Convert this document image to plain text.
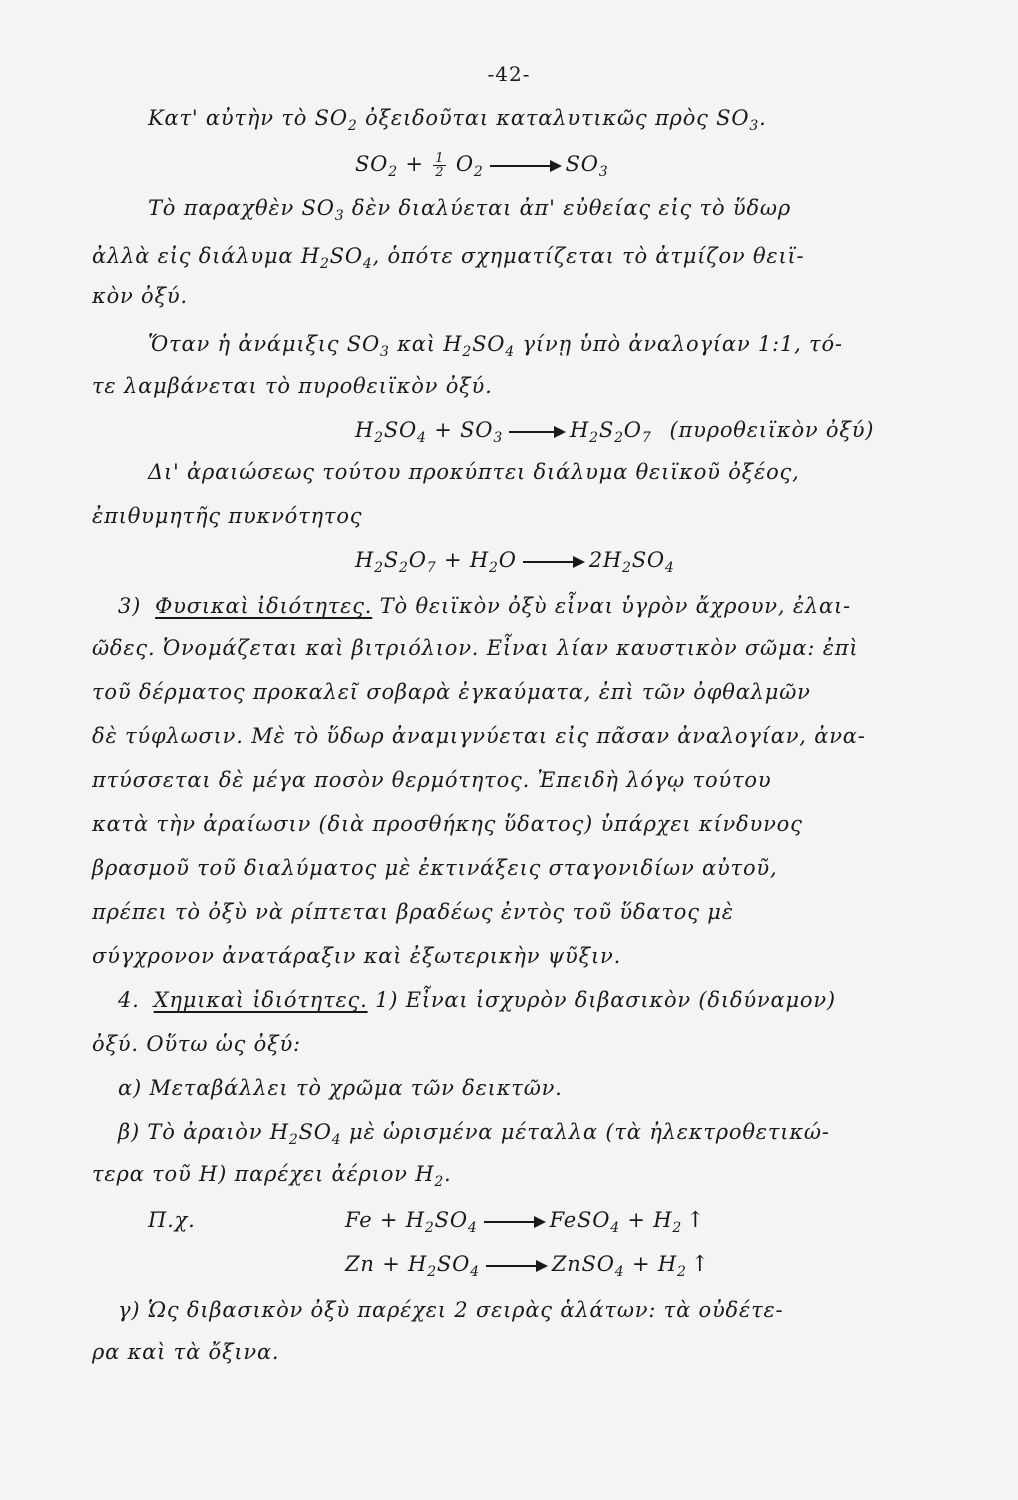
-42-
Κατ' αὐτὴν τὸ $SO_2$ ὀξειδοῦται καταλυτικῶς πρὸς $SO_3$.
$SO_2 + \frac{1}{2} O_2 \to SO_3$
Τὸ παραχθὲν $SO_3$ δὲν διαλύεται ἀπ' εὐθείας εἰς τὸ ὕδωρ
ἀλλὰ εἰς διάλυμα $H_2SO_4$, ὁπότε σχηματίζεται τὸ ἀτμίζον θειϊ-
κὸν ὀξύ.
Ὅταν ἡ ἀνάμιξις $SO_3$ καὶ $H_2SO_4$ γίνῃ ὑπὸ ἀναλογίαν 1:1, τό-
τε λαμβάνεται τὸ πυροθειϊκὸν ὀξύ.
$H_2SO_4 + SO_3 \to H_2S_2O_7$ (πυροθειϊκὸν ὀξύ)
Δι' ἀραιώσεως τούτου προκύπτει διάλυμα θειϊκοῦ ὀξέος,
ἐπιθυμητῆς πυκνότητος
$H_2S_2O_7 + H_2O \to 2H_2SO_4$
3) Φυσικαὶ ἰδιότητες. Τὸ θειϊκὸν ὀξὺ εἶναι ὑγρὸν ἄχρουν, ἐλαι-
ῶδες. Ὀνομάζεται καὶ βιτριόλιον. Εἶναι λίαν καυστικὸν σῶμα: ἐπὶ
τοῦ δέρματος προκαλεῖ σοβαρὰ ἐγκαύματα, ἐπὶ τῶν ὀφθαλμῶν
δὲ τύφλωσιν. Μὲ τὸ ὕδωρ ἀναμιγνύεται εἰς πᾶσαν ἀναλογίαν, ἀνα-
πτύσσεται δὲ μέγα ποσὸν θερμότητος. Ἐπειδὴ λόγῳ τούτου
κατὰ τὴν ἀραίωσιν (διὰ προσθήκης ὕδατος) ὑπάρχει κίνδυνος
βρασμοῦ τοῦ διαλύματος μὲ ἐκτινάξεις σταγονιδίων αὐτοῦ,
πρέπει τὸ ὀξὺ νὰ ρίπτεται βραδέως ἐντὸς τοῦ ὕδατος μὲ
σύγχρονον ἀνατάραξιν καὶ ἐξωτερικὴν ψῦξιν.
4. Χημικαὶ ἰδιότητες. 1) Εἶναι ἰσχυρὸν διβασικὸν (διδύναμον)
ὀξύ. Οὕτω ὡς ὀξύ:
α) Μεταβάλλει τὸ χρῶμα τῶν δεικτῶν.
β) Τὸ ἀραιὸν $H_2SO_4$ μὲ ὡρισμένα μέταλλα (τὰ ἠλεκτροθετικώ-
τερα τοῦ H) παρέχει ἀέριον $H_2$.
Π.χ.	$Fe + H_2SO_4$ → FeSO$_4$ + $H_2$ ↑
$Zn + H_2SO_4$ → ZnSO$_4$ + $H_2$ ↑
γ) Ὡς διβασικὸν ὀξὺ παρέχει 2 σειρὰς ἁλάτων: τὰ οὐδέτε-
ρα καὶ τὰ ὄξινα.
